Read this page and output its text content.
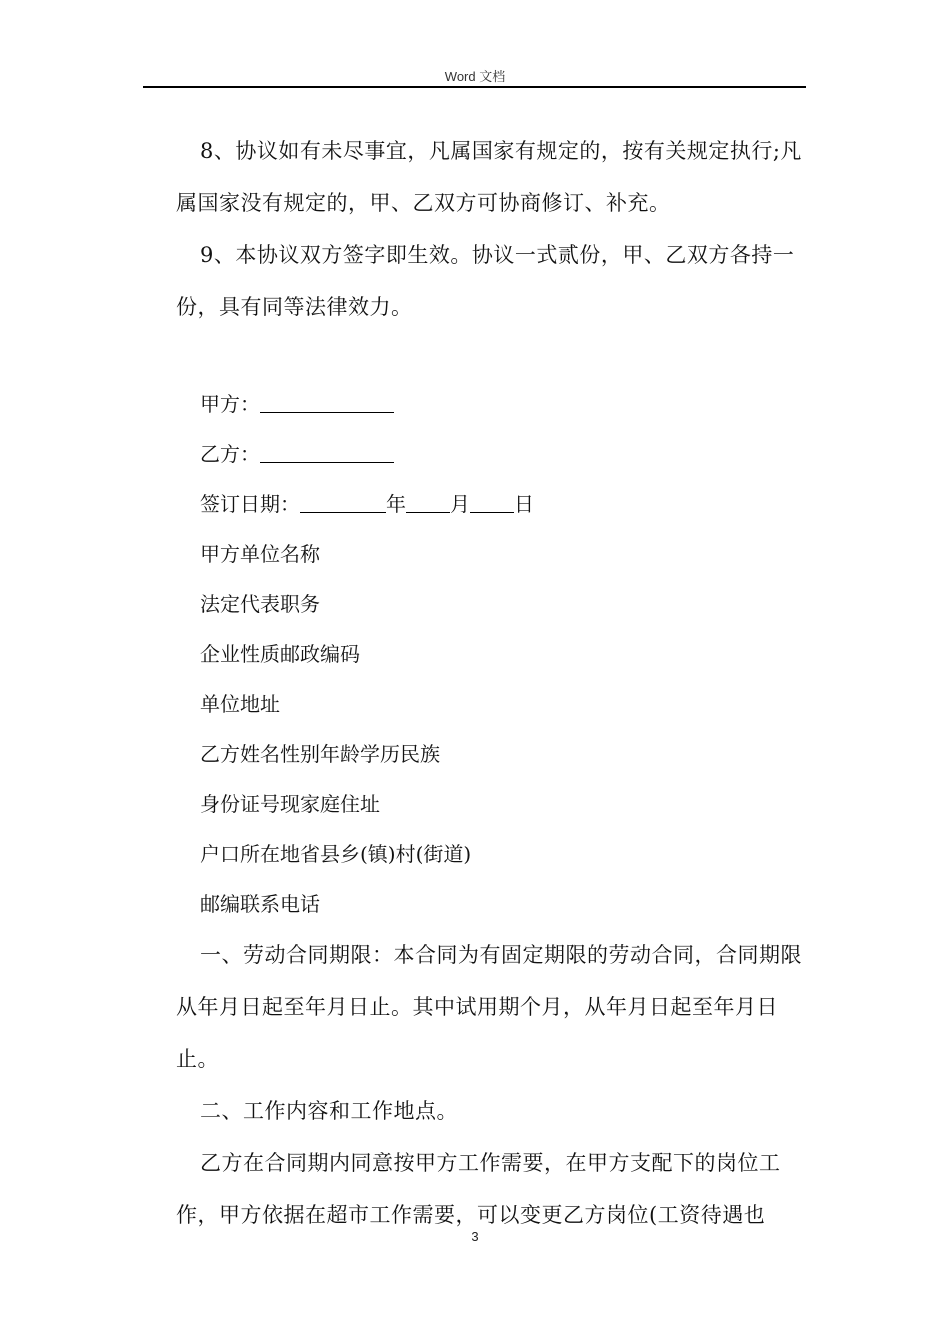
Word 文档

8、协议如有未尽事宜，凡属国家有规定的，按有关规定执行;凡属国家没有规定的，甲、乙双方可协商修订、补充。

9、本协议双方签字即生效。协议一式贰份，甲、乙双方各持一份，具有同等法律效力。

甲方：

乙方：

签订日期：	年 月 日

甲方单位名称

法定代表职务

企业性质邮政编码

单位地址

乙方姓名性别年龄学历民族

身份证号现家庭住址

户口所在地省县乡(镇)村(街道)

邮编联系电话

一、劳动合同期限：本合同为有固定期限的劳动合同，合同期限从年月日起至年月日止。其中试用期个月，从年月日起至年月日止。

二、工作内容和工作地点。

乙方在合同期内同意按甲方工作需要，在甲方支配下的岗位工作，甲方依据在超市工作需要，可以变更乙方岗位(工资待遇也

3
